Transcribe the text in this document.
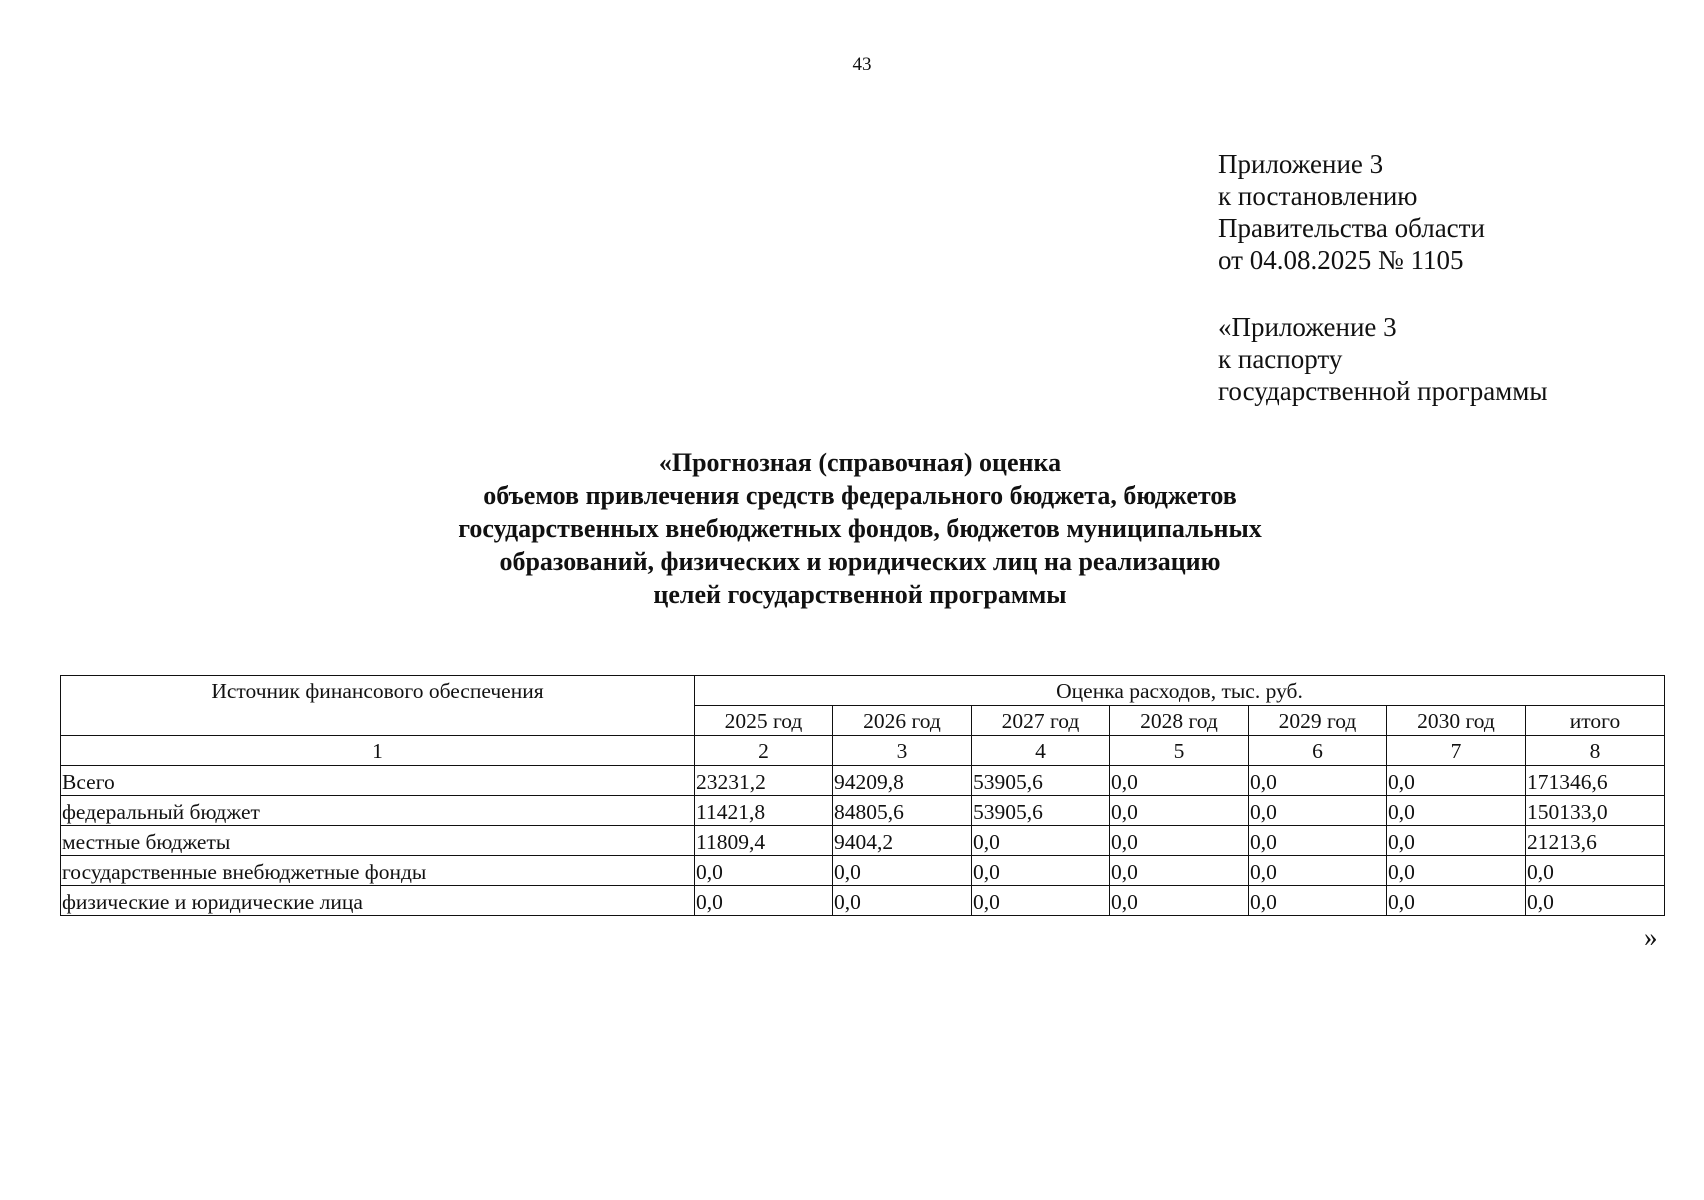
43
Приложение 3
к постановлению
Правительства области
от 04.08.2025 № 1105
«Приложение 3
к паспорту
государственной программы
«Прогнозная (справочная) оценка
объемов привлечения средств федерального бюджета, бюджетов
государственных внебюджетных фондов, бюджетов муниципальных
образований, физических и юридических лиц на реализацию
целей государственной программы
Источник финансового обеспечения	Оценка расходов, тыс. руб.						
	2025 год	2026 год	2027 год	2028 год	2029 год	2030 год	итого
1	2	3	4	5	6	7	8
Всего	23231,2	94209,8	53905,6	0,0	0,0	0,0	171346,6
федеральный бюджет	11421,8	84805,6	53905,6	0,0	0,0	0,0	150133,0
местные бюджеты	11809,4	9404,2	0,0	0,0	0,0	0,0	21213,6
государственные внебюджетные фонды	0,0	0,0	0,0	0,0	0,0	0,0	0,0
физические и юридические лица	0,0	0,0	0,0	0,0	0,0	0,0	0,0
»
